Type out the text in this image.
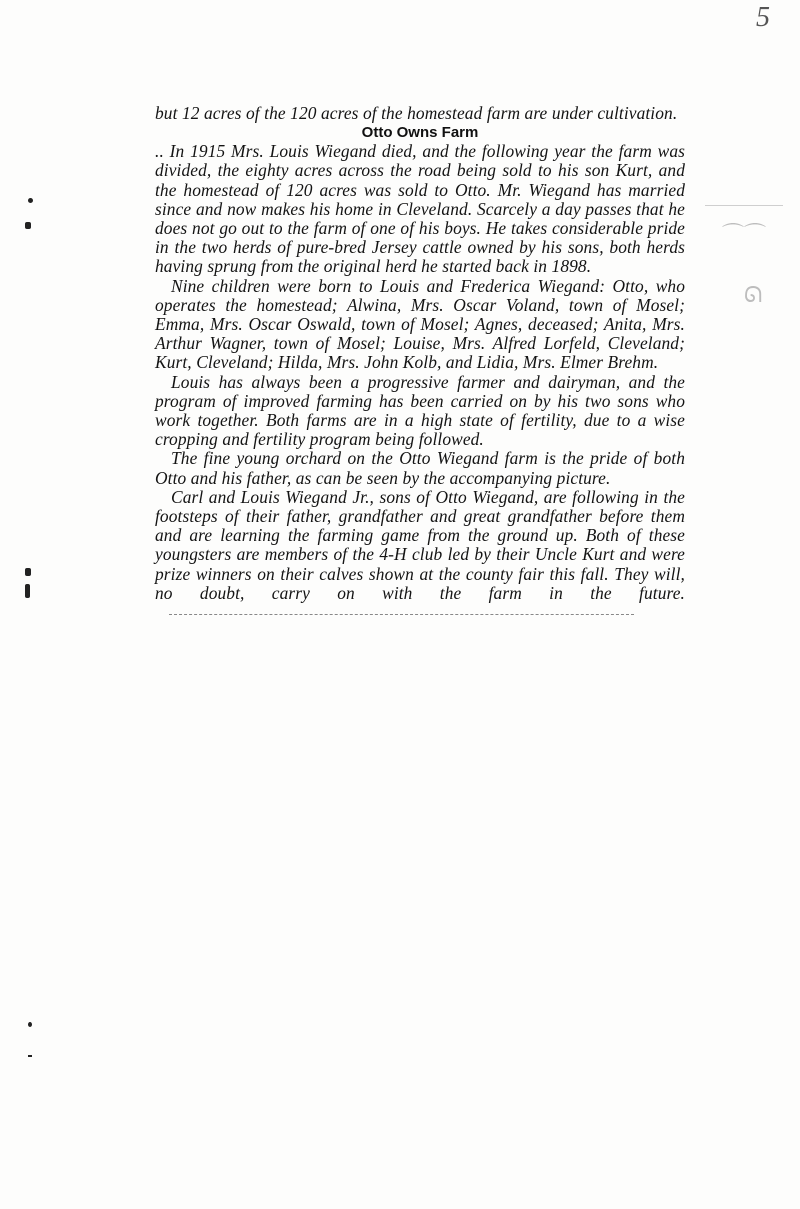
5
⌒⌒
ᘏ

but 12 acres of the 120 acres of the homestead farm are under cultivation.

Otto Owns Farm

.. In 1915 Mrs. Louis Wiegand died, and the following year the farm was divided, the eighty acres across the road being sold to his son Kurt, and the homestead of 120 acres was sold to Otto. Mr. Wiegand has married since and now makes his home in Cleveland. Scarcely a day passes that he does not go out to the farm of one of his boys. He takes considerable pride in the two herds of pure-bred Jersey cattle owned by his sons, both herds having sprung from the original herd he started back in 1898.

Nine children were born to Louis and Frederica Wiegand: Otto, who operates the homestead; Alwina, Mrs. Oscar Voland, town of Mosel; Emma, Mrs. Oscar Oswald, town of Mosel; Agnes, deceased; Anita, Mrs. Arthur Wagner, town of Mosel; Louise, Mrs. Alfred Lorfeld, Cleveland; Kurt, Cleveland; Hilda, Mrs. John Kolb, and Lidia, Mrs. Elmer Brehm.

Louis has always been a progressive farmer and dairyman, and the program of improved farming has been carried on by his two sons who work together. Both farms are in a high state of fertility, due to a wise cropping and fertility program being followed.

The fine young orchard on the Otto Wiegand farm is the pride of both Otto and his father, as can be seen by the accompanying picture.

Carl and Louis Wiegand Jr., sons of Otto Wiegand, are following in the footsteps of their father, grandfather and great grandfather before them and are learning the farming game from the ground up. Both of these youngsters are members of the 4-H club led by their Uncle Kurt and were prize winners on their calves shown at the county fair this fall. They will, no doubt, carry on with the farm in the future.
